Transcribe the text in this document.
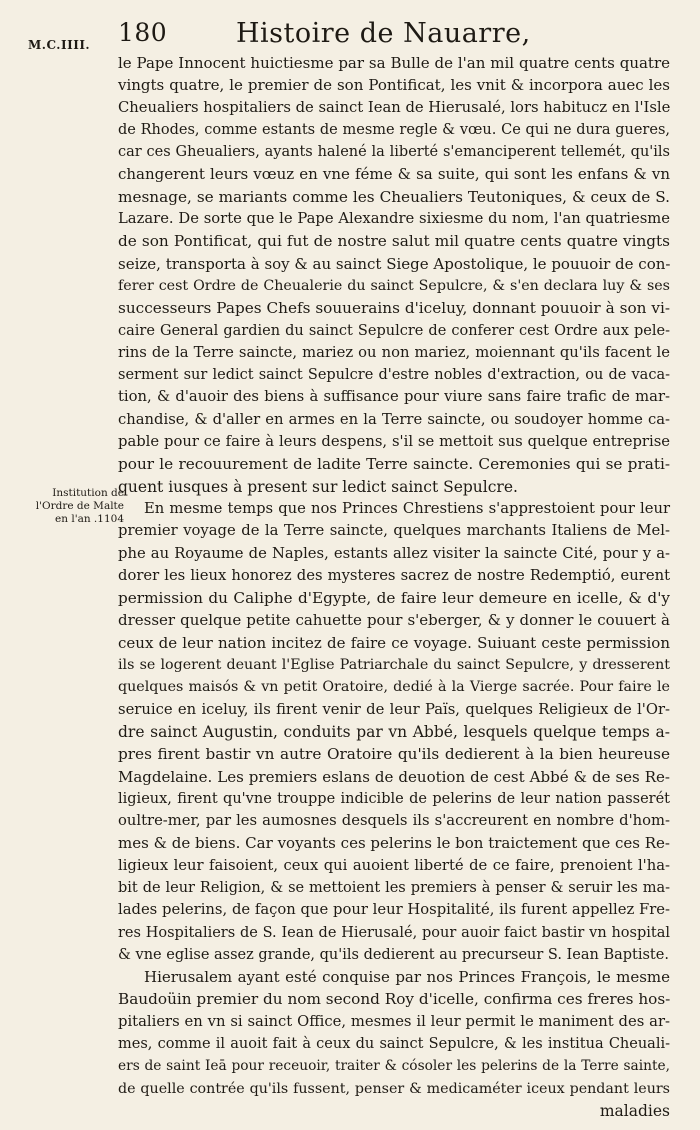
180	Histoire de Nauarre,
M.C.IIII.
Institution de
l'Ordre de Malte
en l'an .1104
le Pape Innocent huictiesme par sa Bulle de l'an mil quatre cents quatre
vingts quatre, le premier de son Pontificat, les vnit & incorpora auec les
Cheualiers hospitaliers de sainct Iean de Hierusalé, lors habitucz en l'Isle
de Rhodes, comme estants de mesme regle & vœu. Ce qui ne dura gueres,
car ces Gheualiers, ayants halené la liberté s'emanciperent tellemét, qu'ils
changerent leurs vœuz en vne féme & sa suite, qui sont les enfans & vn
mesnage, se mariants comme les Cheualiers Teutoniques, & ceux de S.
Lazare. De sorte que le Pape Alexandre sixiesme du nom, l'an quatriesme
de son Pontificat, qui fut de nostre salut mil quatre cents quatre vingts
seize, transporta à soy & au sainct Siege Apostolique, le pouuoir de con-
ferer cest Ordre de Cheualerie du sainct Sepulcre, & s'en declara luy & ses
successeurs Papes Chefs souuerains d'iceluy, donnant pouuoir à son vi-
caire General gardien du sainct Sepulcre de conferer cest Ordre aux pele-
rins de la Terre saincte, mariez ou non mariez, moiennant qu'ils facent le
serment sur ledict sainct Sepulcre d'estre nobles d'extraction, ou de vaca-
tion, & d'auoir des biens à suffisance pour viure sans faire trafic de mar-
chandise, & d'aller en armes en la Terre saincte, ou soudoyer homme ca-
pable pour ce faire à leurs despens, s'il se mettoit sus quelque entreprise
pour le recouurement de ladite Terre saincte. Ceremonies qui se prati-
quent iusques à present sur ledict sainct Sepulcre.
En mesme temps que nos Princes Chrestiens s'apprestoient pour leur
premier voyage de la Terre saincte, quelques marchants Italiens de Mel-
phe au Royaume de Naples, estants allez visiter la saincte Cité, pour y a-
dorer les lieux honorez des mysteres sacrez de nostre Redemptió, eurent
permission du Caliphe d'Egypte, de faire leur demeure en icelle, & d'y
dresser quelque petite cahuette pour s'eberger, & y donner le couuert à
ceux de leur nation incitez de faire ce voyage. Suiuant ceste permission
ils se logerent deuant l'Eglise Patriarchale du sainct Sepulcre, y dresserent
quelques maisós & vn petit Oratoire, dedié à la Vierge sacrée. Pour faire le
seruice en iceluy, ils firent venir de leur Païs, quelques Religieux de l'Or-
dre sainct Augustin, conduits par vn Abbé, lesquels quelque temps a-
pres firent bastir vn autre Oratoire qu'ils dedierent à la bien heureuse
Magdelaine. Les premiers eslans de deuotion de cest Abbé & de ses Re-
ligieux, firent qu'vne trouppe indicible de pelerins de leur nation passerét
oultre-mer, par les aumosnes desquels ils s'accreurent en nombre d'hom-
mes & de biens. Car voyants ces pelerins le bon traictement que ces Re-
ligieux leur faisoient, ceux qui auoient liberté de ce faire, prenoient l'ha-
bit de leur Religion, & se mettoient les premiers à penser & seruir les ma-
lades pelerins, de façon que pour leur Hospitalité, ils furent appellez Fre-
res Hospitaliers de S. Iean de Hierusalé, pour auoir faict bastir vn hospital
& vne eglise assez grande, qu'ils dedierent au precurseur S. Iean Baptiste.
Hierusalem ayant esté conquise par nos Princes François, le mesme
Baudoüin premier du nom second Roy d'icelle, confirma ces freres hos-
pitaliers en vn si sainct Office, mesmes il leur permit le maniment des ar-
mes, comme il auoit fait à ceux du sainct Sepulcre, & les institua Cheuali-
ers de saint Ieā pour receuoir, traiter & cósoler les pelerins de la Terre sainte,
de quelle contrée qu'ils fussent, penser & medicaméter iceux pendant leurs
maladies
